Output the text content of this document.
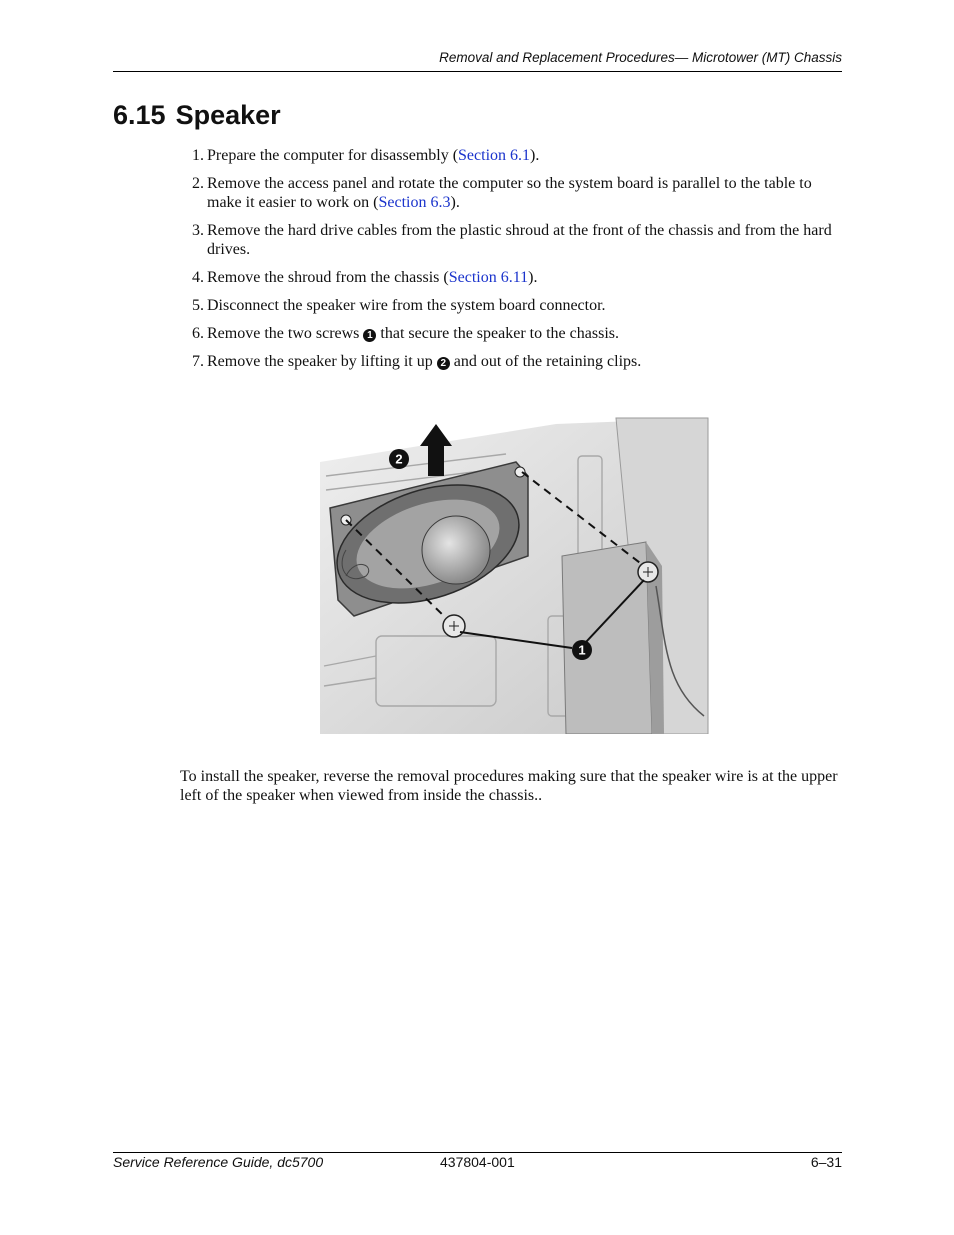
Removal and Replacement Procedures— Microtower (MT) Chassis
6.15 Speaker
1. Prepare the computer for disassembly (Section 6.1).
2. Remove the access panel and rotate the computer so the system board is parallel to the table to make it easier to work on (Section 6.3).
3. Remove the hard drive cables from the plastic shroud at the front of the chassis and from the hard drives.
4. Remove the shroud from the chassis (Section 6.11).
5. Disconnect the speaker wire from the system board connector.
6. Remove the two screws 1 that secure the speaker to the chassis.
7. Remove the speaker by lifting it up 2 and out of the retaining clips.
1
2

To install the speaker, reverse the removal procedures making sure that the speaker wire is at the upper left of the speaker when viewed from inside the chassis..

Service Reference Guide, dc5700	437804-001	6–31
